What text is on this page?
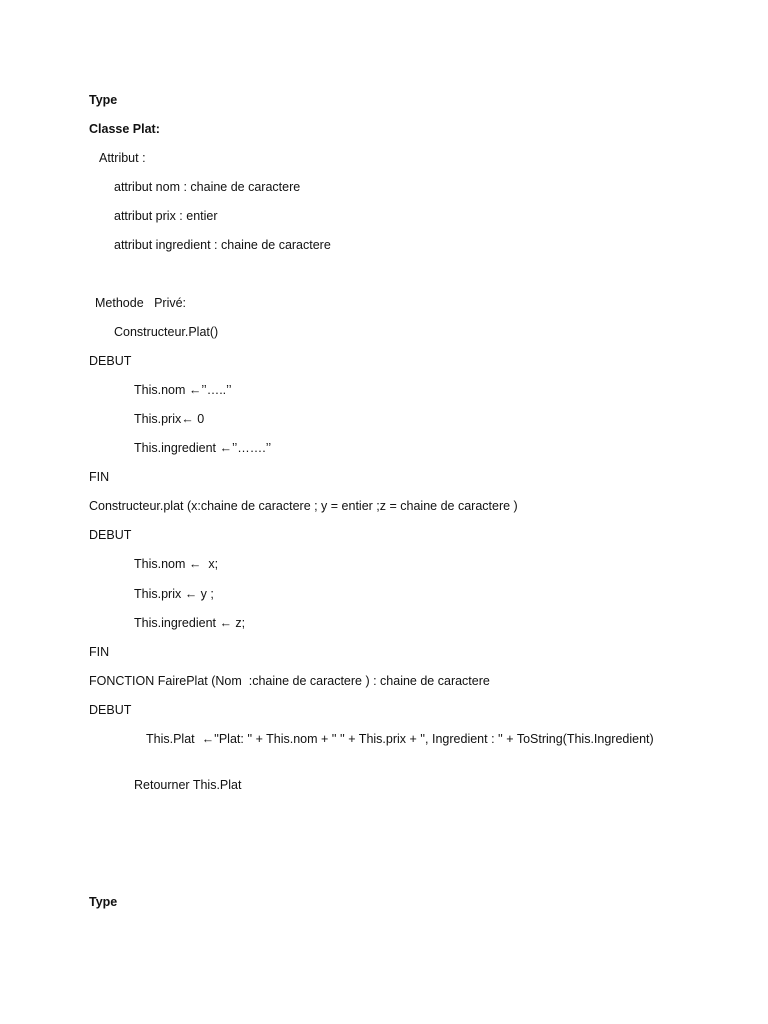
Type
Classe Plat:
Attribut :
attribut nom : chaine de caractere
attribut prix : entier
attribut ingredient : chaine de caractere
Methode   Privé:
Constructeur.Plat()
DEBUT
This.nom ←’’…..’’
This.prix← 0
This.ingredient ←’’…….’’
FIN
Constructeur.plat (x:chaine de caractere ; y = entier ;z = chaine de caractere )
DEBUT
This.nom ←  x;
This.prix ← y ;
This.ingredient ← z;
FIN
FONCTION FairePlat (Nom  :chaine de caractere ) : chaine de caractere
DEBUT
This.Plat  ←''Plat: '' + This.nom + '' '' + This.prix + '', Ingredient : '' + ToString(This.Ingredient)
Retourner This.Plat
Type
